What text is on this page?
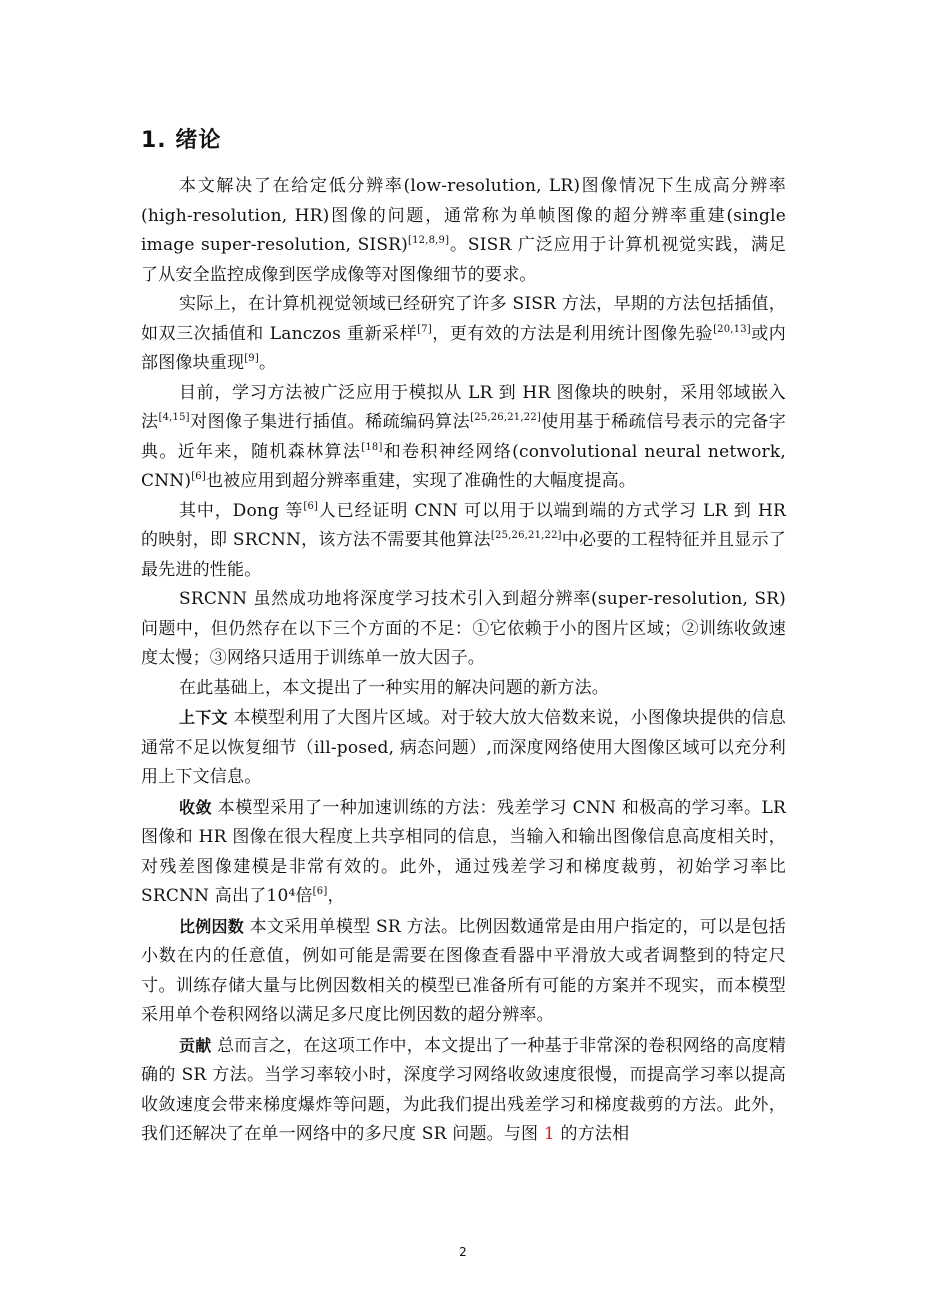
1. 绪论

本文解决了在给定低分辨率(low-resolution, LR)图像情况下生成高分辨率(high-resolution, HR)图像的问题，通常称为单帧图像的超分辨率重建(single image super-resolution, SISR)[12,8,9]。SISR 广泛应用于计算机视觉实践，满足了从安全监控成像到医学成像等对图像细节的要求。

实际上，在计算机视觉领域已经研究了许多 SISR 方法，早期的方法包括插值，如双三次插值和 Lanczos 重新采样[7]，更有效的方法是利用统计图像先验[20,13]或内部图像块重现[9]。

目前，学习方法被广泛应用于模拟从 LR 到 HR 图像块的映射，采用邻域嵌入法[4,15]对图像子集进行插值。稀疏编码算法[25,26,21,22]使用基于稀疏信号表示的完备字典。近年来，随机森林算法[18]和卷积神经网络(convolutional neural network, CNN)[6]也被应用到超分辨率重建，实现了准确性的大幅度提高。

其中，Dong 等[6]人已经证明 CNN 可以用于以端到端的方式学习 LR 到 HR 的映射，即 SRCNN，该方法不需要其他算法[25,26,21,22]中必要的工程特征并且显示了最先进的性能。

SRCNN 虽然成功地将深度学习技术引入到超分辨率(super-resolution, SR)问题中，但仍然存在以下三个方面的不足：①它依赖于小的图片区域；②训练收敛速度太慢；③网络只适用于训练单一放大因子。

在此基础上，本文提出了一种实用的解决问题的新方法。

上下文 本模型利用了大图片区域。对于较大放大倍数来说，小图像块提供的信息通常不足以恢复细节（ill-posed, 病态问题）,而深度网络使用大图像区域可以充分利用上下文信息。

收敛 本模型采用了一种加速训练的方法：残差学习 CNN 和极高的学习率。LR 图像和 HR 图像在很大程度上共享相同的信息，当输入和输出图像信息高度相关时，对残差图像建模是非常有效的。此外，通过残差学习和梯度裁剪，初始学习率比 SRCNN 高出了10⁴倍[6]，

比例因数 本文采用单模型 SR 方法。比例因数通常是由用户指定的，可以是包括小数在内的任意值，例如可能是需要在图像查看器中平滑放大或者调整到的特定尺寸。训练存储大量与比例因数相关的模型已准备所有可能的方案并不现实，而本模型采用单个卷积网络以满足多尺度比例因数的超分辨率。

贡献 总而言之，在这项工作中，本文提出了一种基于非常深的卷积网络的高度精确的 SR 方法。当学习率较小时，深度学习网络收敛速度很慢，而提高学习率以提高收敛速度会带来梯度爆炸等问题，为此我们提出残差学习和梯度裁剪的方法。此外，我们还解决了在单一网络中的多尺度 SR 问题。与图 1 的方法相

2
